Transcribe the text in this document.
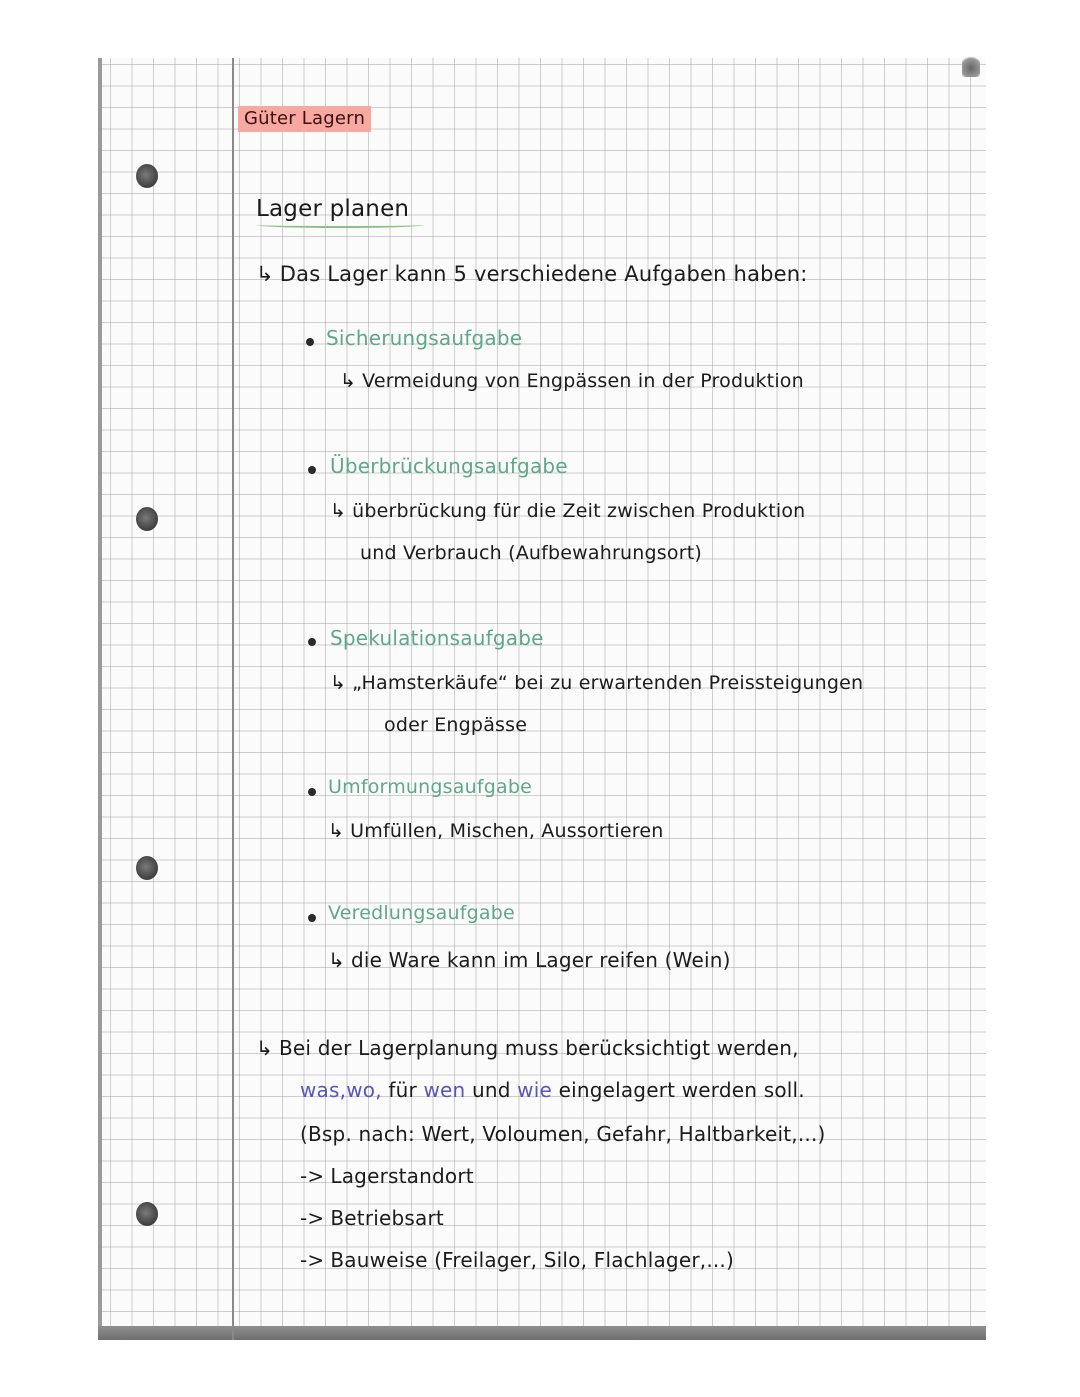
Güter Lagern
Lager planen
↳ Das Lager kann 5 verschiedene Aufgaben haben:
Sicherungsaufgabe
↳ Vermeidung von Engpässen in der Produktion
Überbrückungsaufgabe
↳ überbrückung für die Zeit zwischen Produktion
und Verbrauch (Aufbewahrungsort)
Spekulationsaufgabe
↳ „Hamsterkäufe“ bei zu erwartenden Preissteigungen
oder Engpässe
Umformungsaufgabe
↳ Umfüllen, Mischen, Aussortieren
Veredlungsaufgabe
↳ die Ware kann im Lager reifen (Wein)
↳ Bei der Lagerplanung muss berücksichtigt werden,
was,wo, für wen und wie eingelagert werden soll.
(Bsp. nach: Wert, Voloumen, Gefahr, Haltbarkeit,...)
-> Lagerstandort
-> Betriebsart
-> Bauweise (Freilager, Silo, Flachlager,...)
